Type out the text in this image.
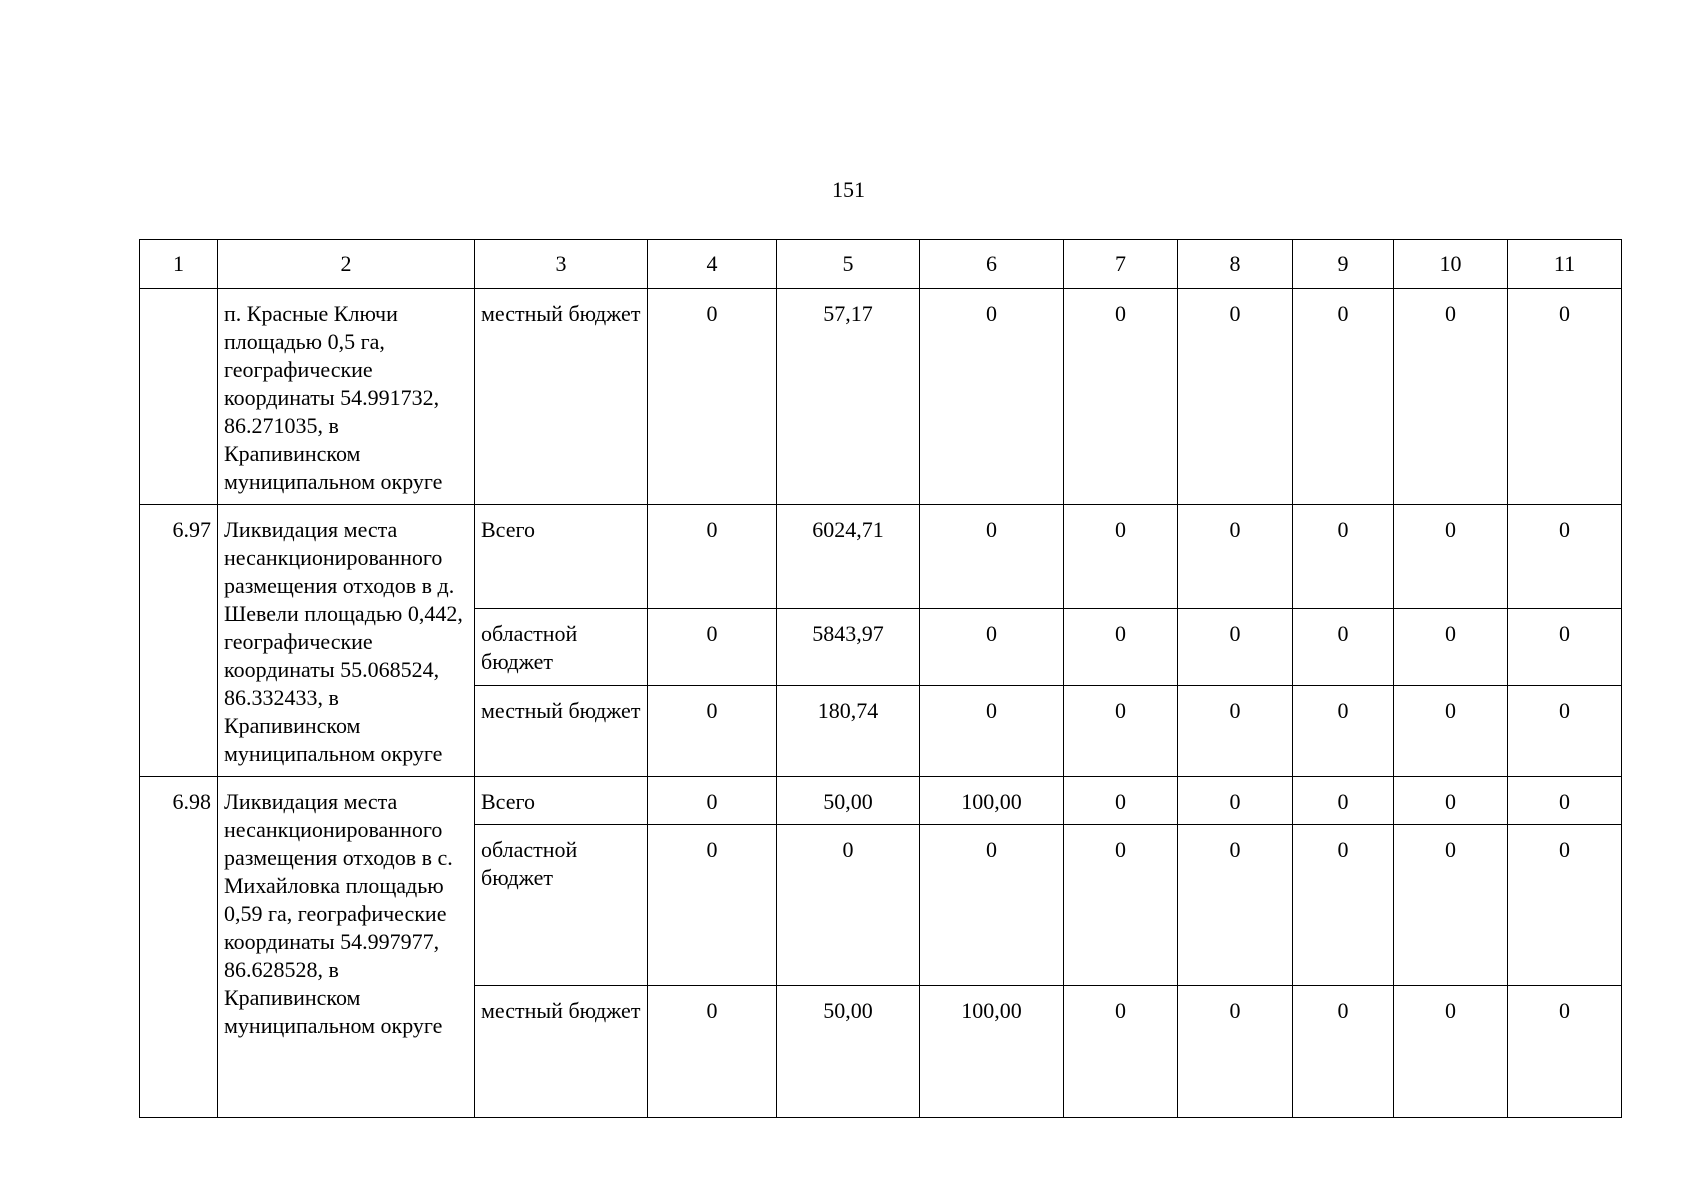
151
1	2	3	4	5	6	7	8	9	10	11
	п. Красные Ключи площадью 0,5 га, географические координаты 54.991732, 86.271035, в Крапивинском муниципальном округе	местный бюджет	0	57,17	0	0	0	0	0	0
6.97	Ликвидация места несанкционированного размещения отходов в д. Шевели площадью 0,442, географические координаты 55.068524, 86.332433, в Крапивинском муниципальном округе	Всего	0	6024,71	0	0	0	0	0	0
		областной бюджет	0	5843,97	0	0	0	0	0	0
		местный бюджет	0	180,74	0	0	0	0	0	0
6.98	Ликвидация места несанкционированного размещения отходов в с. Михайловка площадью 0,59 га, географические координаты 54.997977, 86.628528, в Крапивинском муниципальном округе	Всего	0	50,00	100,00	0	0	0	0	0
		областной бюджет	0	0	0	0	0	0	0	0
		местный бюджет	0	50,00	100,00	0	0	0	0	0
